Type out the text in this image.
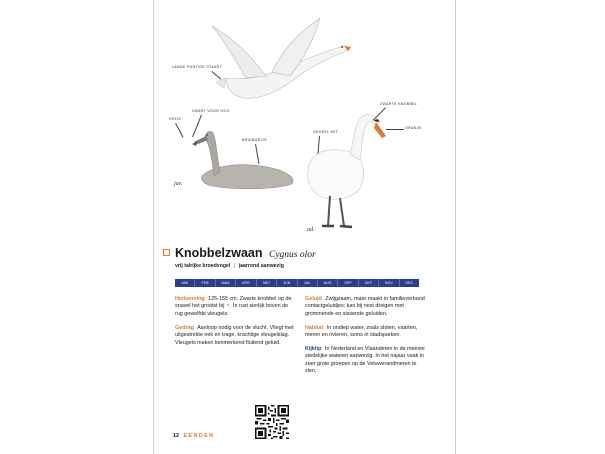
LANGE PUNTIGE STAART
GRIJS
ZWART VOOR OOG
BRUINGRIJS
GEHEEL WIT
ZWARTE KNOBBEL
ORANJE
juv.
ad.
Knobbelzwaan Cygnus olor
vrij talrijke broedvogel | jaarrond aanwezig
JAN	FEB	MAA	APR	MEI	JUN	JUL	AUG	SEP	OKT	NOV	DEC
Herkenning 125-155 cm. Zwarte knobbel op de snavel het grootst bij ♂. In rust sierlijk boven de rug gewelfde vleugels.
Gedrag Aanloop nodig voor de vlucht. Vliegt met uitgestrekte nek en trage, krachtige vleugelslag. Vleugels maken kenmerkend fluitend geluid.
Geluid Zwijgzaam, maar maakt in familieverband contactgeluidjes; kan bij nest dreigen met grommende en sissende geluiden.
Habitat In ondiep water, zoals sloten, vaarten, meren en rivieren, soms in stadsparken.
Kijktip In Nederland en Vlaanderen in de meeste stedelijke wateren aanwezig. In het najaar vaak in zeer grote groepen op de Veluwerandmeren te zien.
12 EENDEN
